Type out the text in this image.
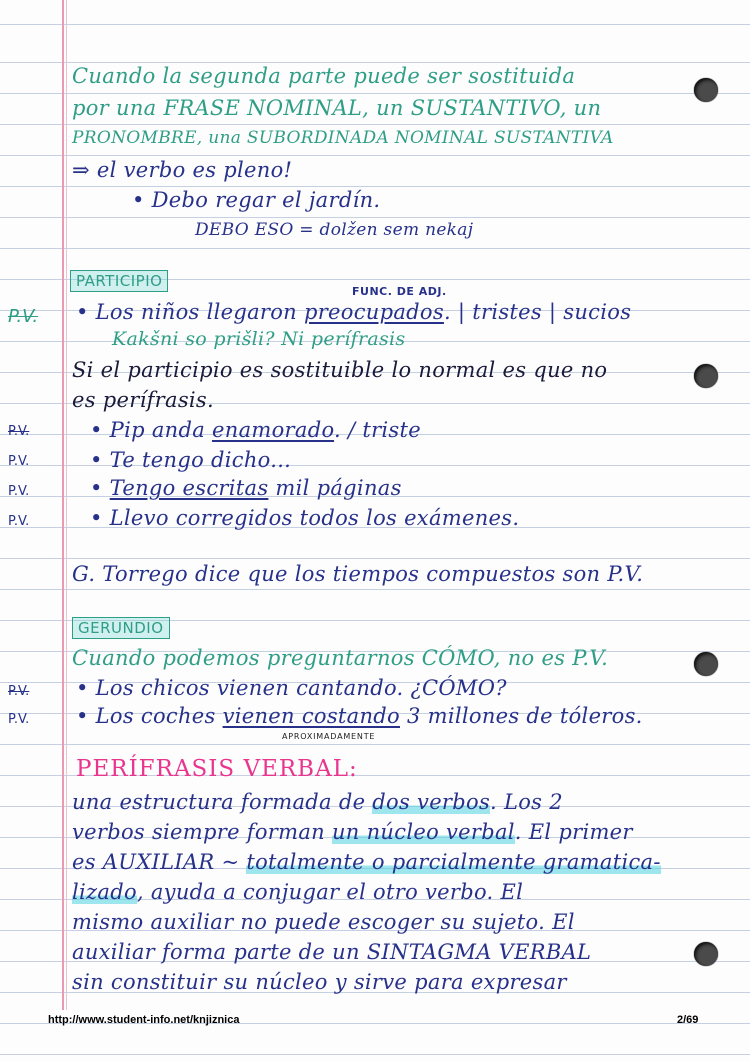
Cuando la segunda parte puede ser sostituida
por una FRASE NOMINAL, un SUSTANTIVO, un
PRONOMBRE, una SUBORDINADA NOMINAL SUSTANTIVA
⇒ el verbo es pleno!
• Debo regar el jardín.
DEBO ESO = dolžen sem nekaj
PARTICIPIO
FUNC. DE ADJ.
P.V. • Los niños llegaron preocupados. | tristes | sucios
Kakšni so prišli? Ni perífrasis
Si el participio es sostituible lo normal es que no
es perífrasis.
P.V.	• Pip anda enamorado. / triste
P.V.	• Te tengo dicho...
P.V.	• Tengo escritas mil páginas
P.V.	• Llevo corregidos todos los exámenes.
G. Torrego dice que los tiempos compuestos son P.V.
GERUNDIO
Cuando podemos preguntarnos CÓMO, no es P.V.
P.V. • Los chicos vienen cantando. ¿CÓMO?
P.V. • Los coches vienen costando 3 millones de tóleros.
APROXIMADAMENTE
PERÍFRASIS VERBAL:
una estructura formada de dos verbos. Los 2
verbos siempre forman un núcleo verbal. El primer
es AUXILIAR ~ totalmente o parcialmente gramatica-
lizado, ayuda a conjugar el otro verbo. El
mismo auxiliar no puede escoger su sujeto. El
auxiliar forma parte de un SINTAGMA VERBAL
sin constituir su núcleo y sirve para expresar
http://www.student-info.net/knjiznica	2/69
